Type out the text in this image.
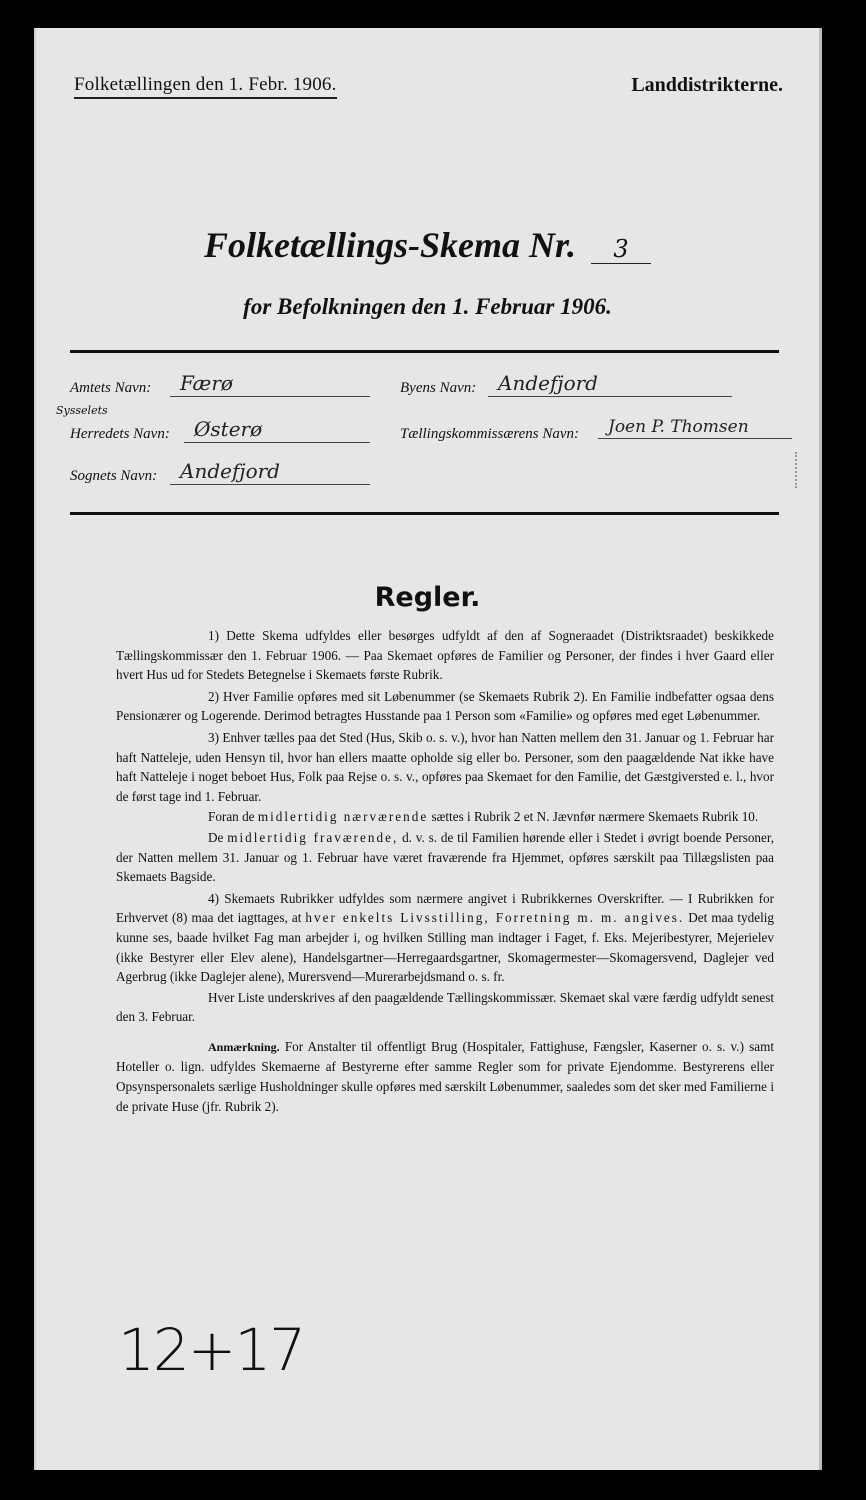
Folketællingen den 1. Febr. 1906.	Landdistrikterne.
Folketællings-Skema Nr. 3
for Befolkningen den 1. Februar 1906.
Amtets Navn:	Færø
Sysselets
Herredets Navn:	Østerø
Sognets Navn:	Andefjord
Byens Navn:	Andefjord
Tællingskommissærens Navn:	Joen P. Thomsen
Regler.

1) Dette Skema udfyldes eller besørges udfyldt af den af Sogneraadet (Distriktsraadet) beskikkede Tællingskommissær den 1. Februar 1906. — Paa Skemaet opføres de Familier og Personer, der findes i hver Gaard eller hvert Hus ud for Stedets Betegnelse i Skemaets første Rubrik.

2) Hver Familie opføres med sit Løbenummer (se Skemaets Rubrik 2). En Familie indbefatter ogsaa dens Pensionærer og Logerende. Derimod betragtes Husstande paa 1 Person som «Familie» og opføres med eget Løbenummer.

3) Enhver tælles paa det Sted (Hus, Skib o. s. v.), hvor han Natten mellem den 31. Januar og 1. Februar har haft Natteleje, uden Hensyn til, hvor han ellers maatte opholde sig eller bo. Personer, som den paagældende Nat ikke have haft Natteleje i noget beboet Hus, Folk paa Rejse o. s. v., opføres paa Skemaet for den Familie, det Gæstgiversted e. l., hvor de først tage ind 1. Februar.

Foran de midlertidig nærværende sættes i Rubrik 2 et N. Jævnfør nærmere Skemaets Rubrik 10.

De midlertidig fraværende, d. v. s. de til Familien hørende eller i Stedet i øvrigt boende Personer, der Natten mellem 31. Januar og 1. Februar have været fraværende fra Hjemmet, opføres særskilt paa Tillægslisten paa Skemaets Bagside.

4) Skemaets Rubrikker udfyldes som nærmere angivet i Rubrikkernes Overskrifter. — I Rubrikken for Erhvervet (8) maa det iagttages, at hver enkelts Livsstilling, Forretning m. m. angives. Det maa tydelig kunne ses, baade hvilket Fag man arbejder i, og hvilken Stilling man indtager i Faget, f. Eks. Mejeribestyrer, Mejerielev (ikke Bestyrer eller Elev alene), Handelsgartner—Herregaardsgartner, Skomagermester—Skomagersvend, Daglejer ved Agerbrug (ikke Daglejer alene), Murersvend—Murerarbejdsmand o. s. fr.

Hver Liste underskrives af den paagældende Tællingskommissær. Skemaet skal være færdig udfyldt senest den 3. Februar.

Anmærkning. For Anstalter til offentligt Brug (Hospitaler, Fattighuse, Fængsler, Kaserner o. s. v.) samt Hoteller o. lign. udfyldes Skemaerne af Bestyrerne efter samme Regler som for private Ejendomme. Bestyrerens eller Opsynspersonalets særlige Husholdninger skulle opføres med særskilt Løbenummer, saaledes som det sker med Familierne i de private Huse (jfr. Rubrik 2).

12+17
